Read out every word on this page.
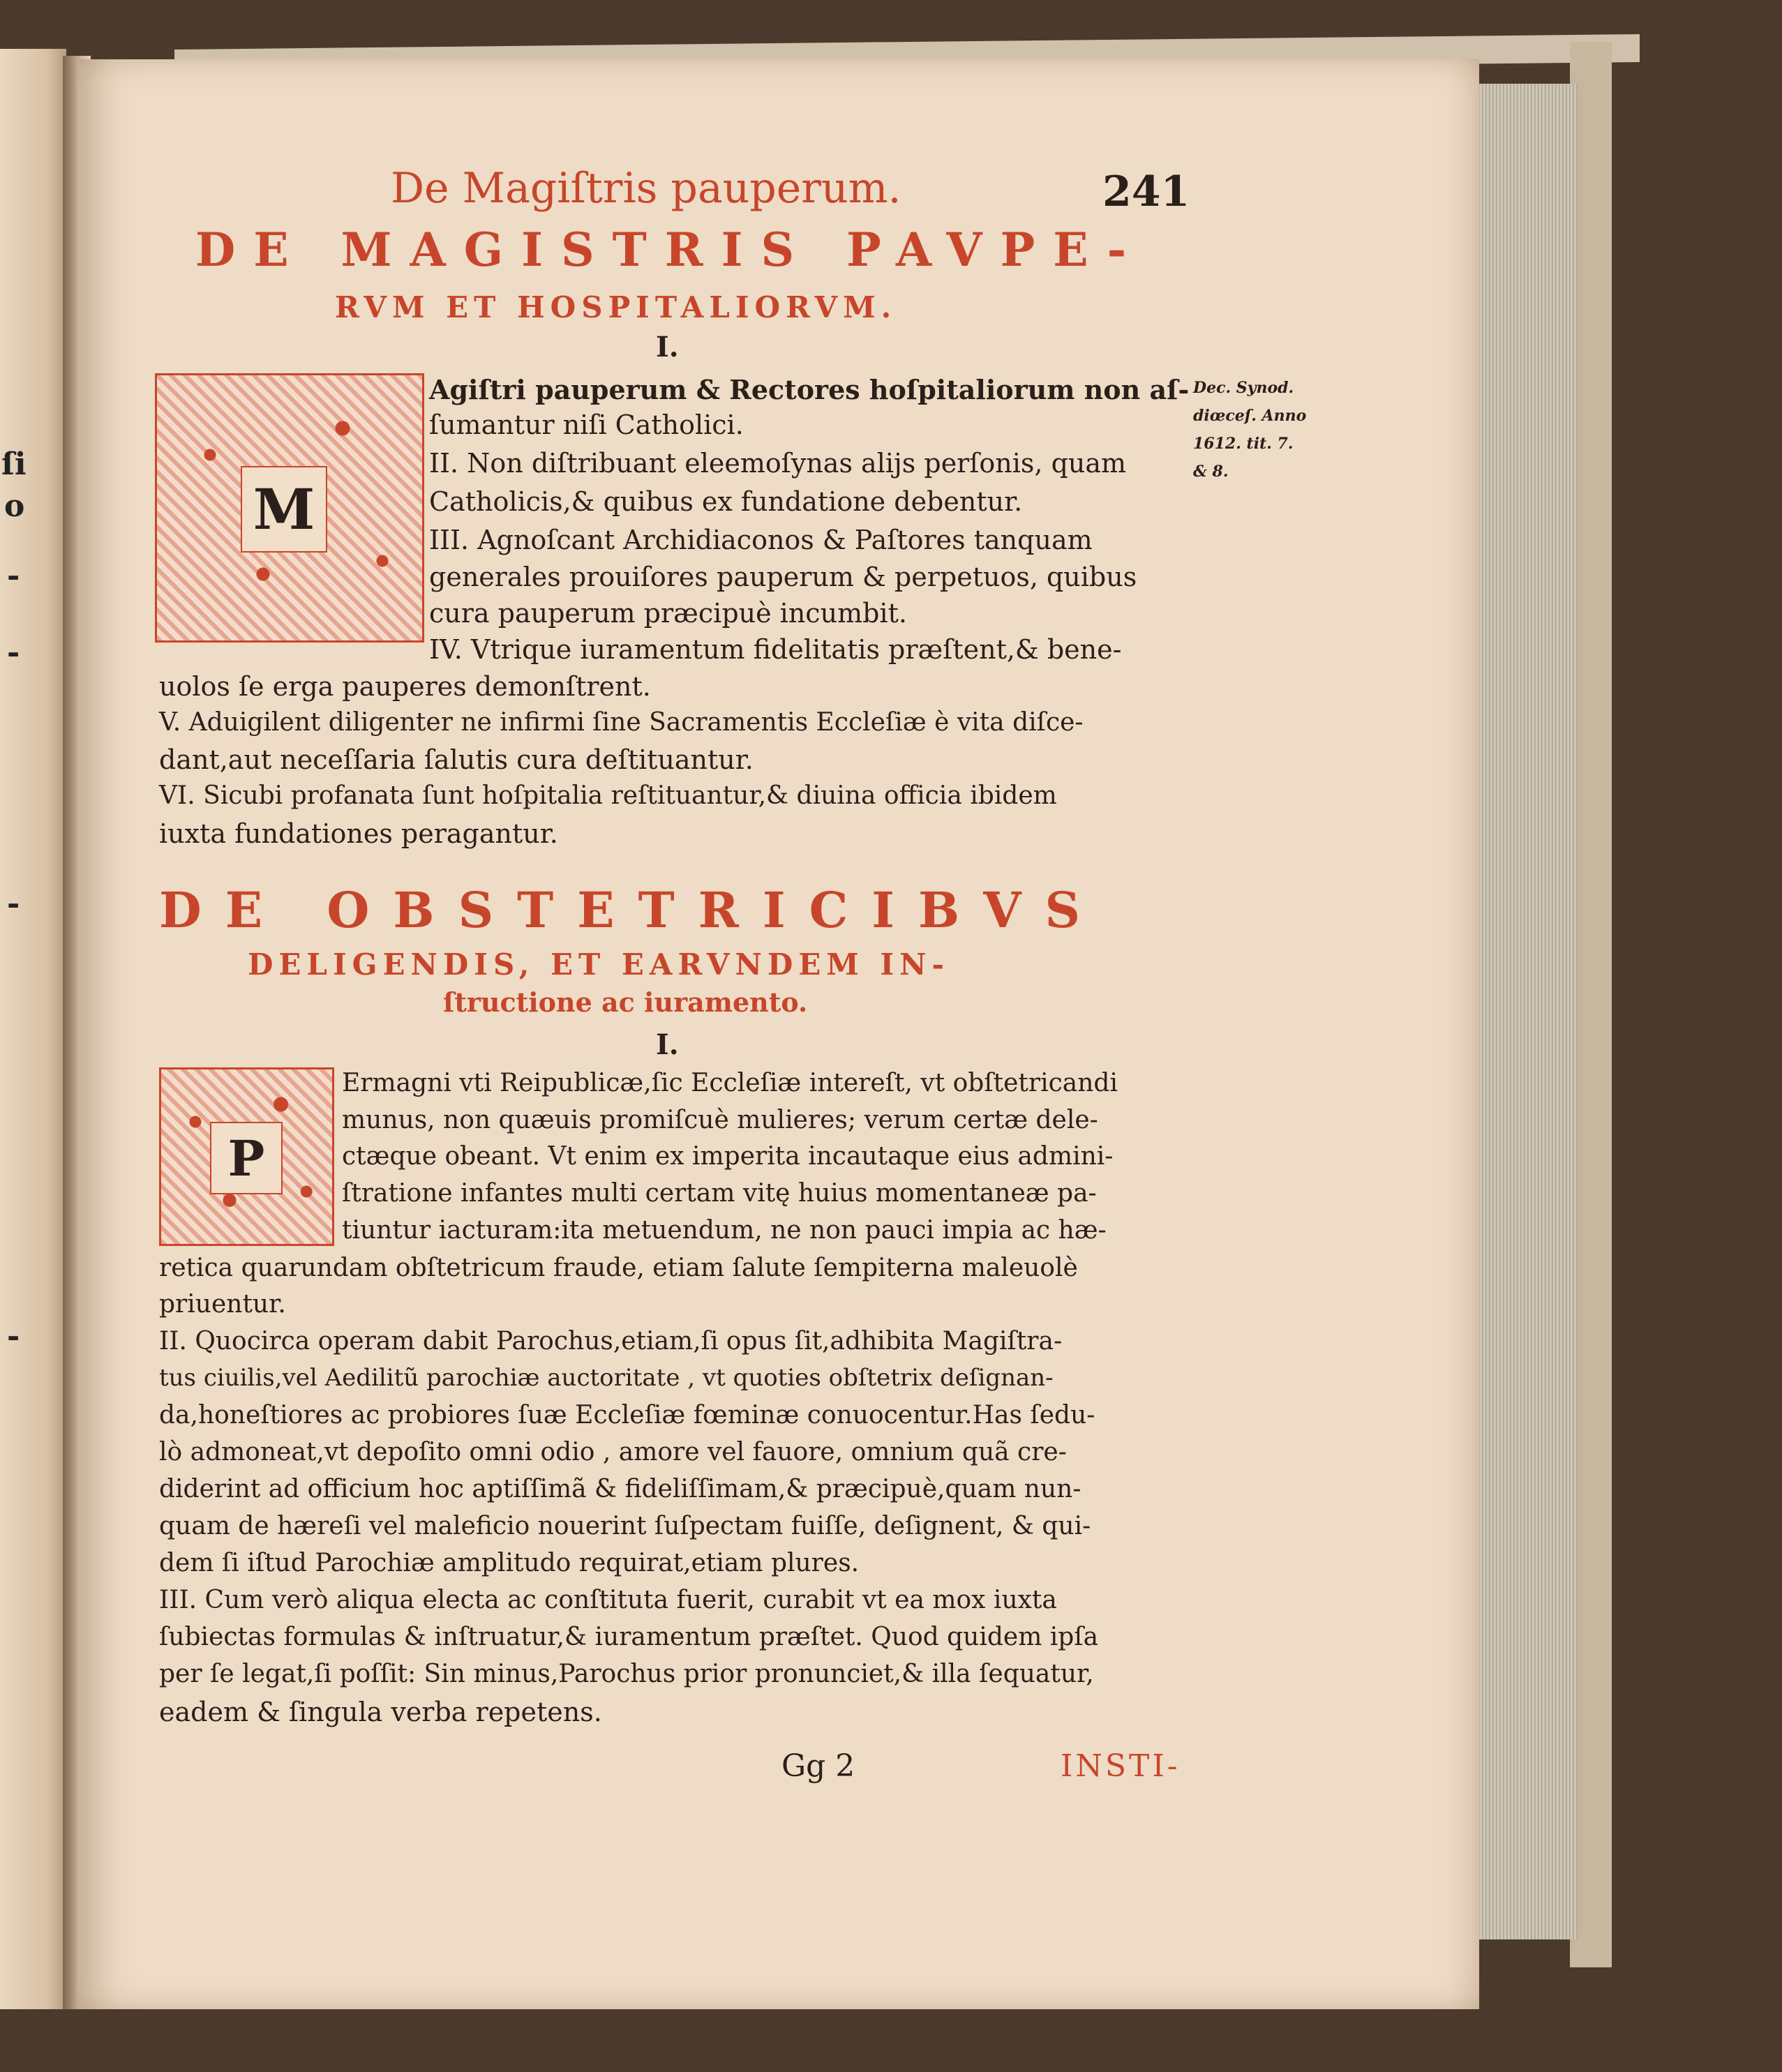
ſi
o
-
-
-
-
De Magiſtris pauperum.	241
DE MAGISTRIS PAVPE-
RVM ET HOSPITALIORVM.
I.
M
Agiſtri pauperum & Rectores hoſpitaliorum non aſ-
ſumantur niſi Catholici.
II. Non diſtribuant eleemoſynas alijs perſonis, quam
Catholicis,& quibus ex fundatione debentur.
III. Agnoſcant Archidiaconos & Paſtores tanquam
generales prouiſores pauperum & perpetuos, quibus
cura pauperum præcipuè incumbit.
IV. Vtrique iuramentum fidelitatis præſtent,& bene-
uolos ſe erga pauperes demonſtrent.
V. Aduigilent diligenter ne infirmi ſine Sacramentis Eccleſiæ è vita diſce-
dant,aut neceſſaria ſalutis cura deſtituantur.
VI. Sicubi profanata ſunt hoſpitalia reſtituantur,& diuina officia ibidem
iuxta fundationes peragantur.
Dec. Synod.
diœceſ. Anno
1612. tit. 7.
& 8.
DE OBSTETRICIBVS
DELIGENDIS, ET EARVNDEM IN-
ſtructione ac iuramento.
I.
P
Ermagni vti Reipublicæ,ſic Eccleſiæ intereſt, vt obſtetricandi
munus, non quæuis promiſcuè mulieres; verum certæ dele-
ctæque obeant. Vt enim ex imperita incautaque eius admini-
ſtratione infantes multi certam vitę huius momentaneæ pa-
tiuntur iacturam:ita metuendum, ne non pauci impia ac hæ-
retica quarundam obſtetricum fraude, etiam ſalute ſempiterna maleuolè
priuentur.
II. Quocirca operam dabit Parochus,etiam,ſi opus ſit,adhibita Magiſtra-
tus ciuilis,vel Aedilitũ parochiæ auctoritate , vt quoties obſtetrix deſignan-
da,honeſtiores ac probiores ſuæ Eccleſiæ fœminæ conuocentur.Has ſedu-
lò admoneat,vt depoſito omni odio , amore vel fauore, omnium quã cre-
diderint ad officium hoc aptiſſimã & fideliſſimam,& præcipuè,quam nun-
quam de hæreſi vel maleficio nouerint ſuſpectam fuiſſe, deſignent, & qui-
dem ſi iſtud Parochiæ amplitudo requirat,etiam plures.
III. Cum verò aliqua electa ac conſtituta fuerit, curabit vt ea mox iuxta
ſubiectas formulas & inſtruatur,& iuramentum præſtet. Quod quidem ipſa
per ſe legat,ſi poſſit: Sin minus,Parochus prior pronunciet,& illa ſequatur,
eadem & ſingula verba repetens.
Gg 2	INSTI-
